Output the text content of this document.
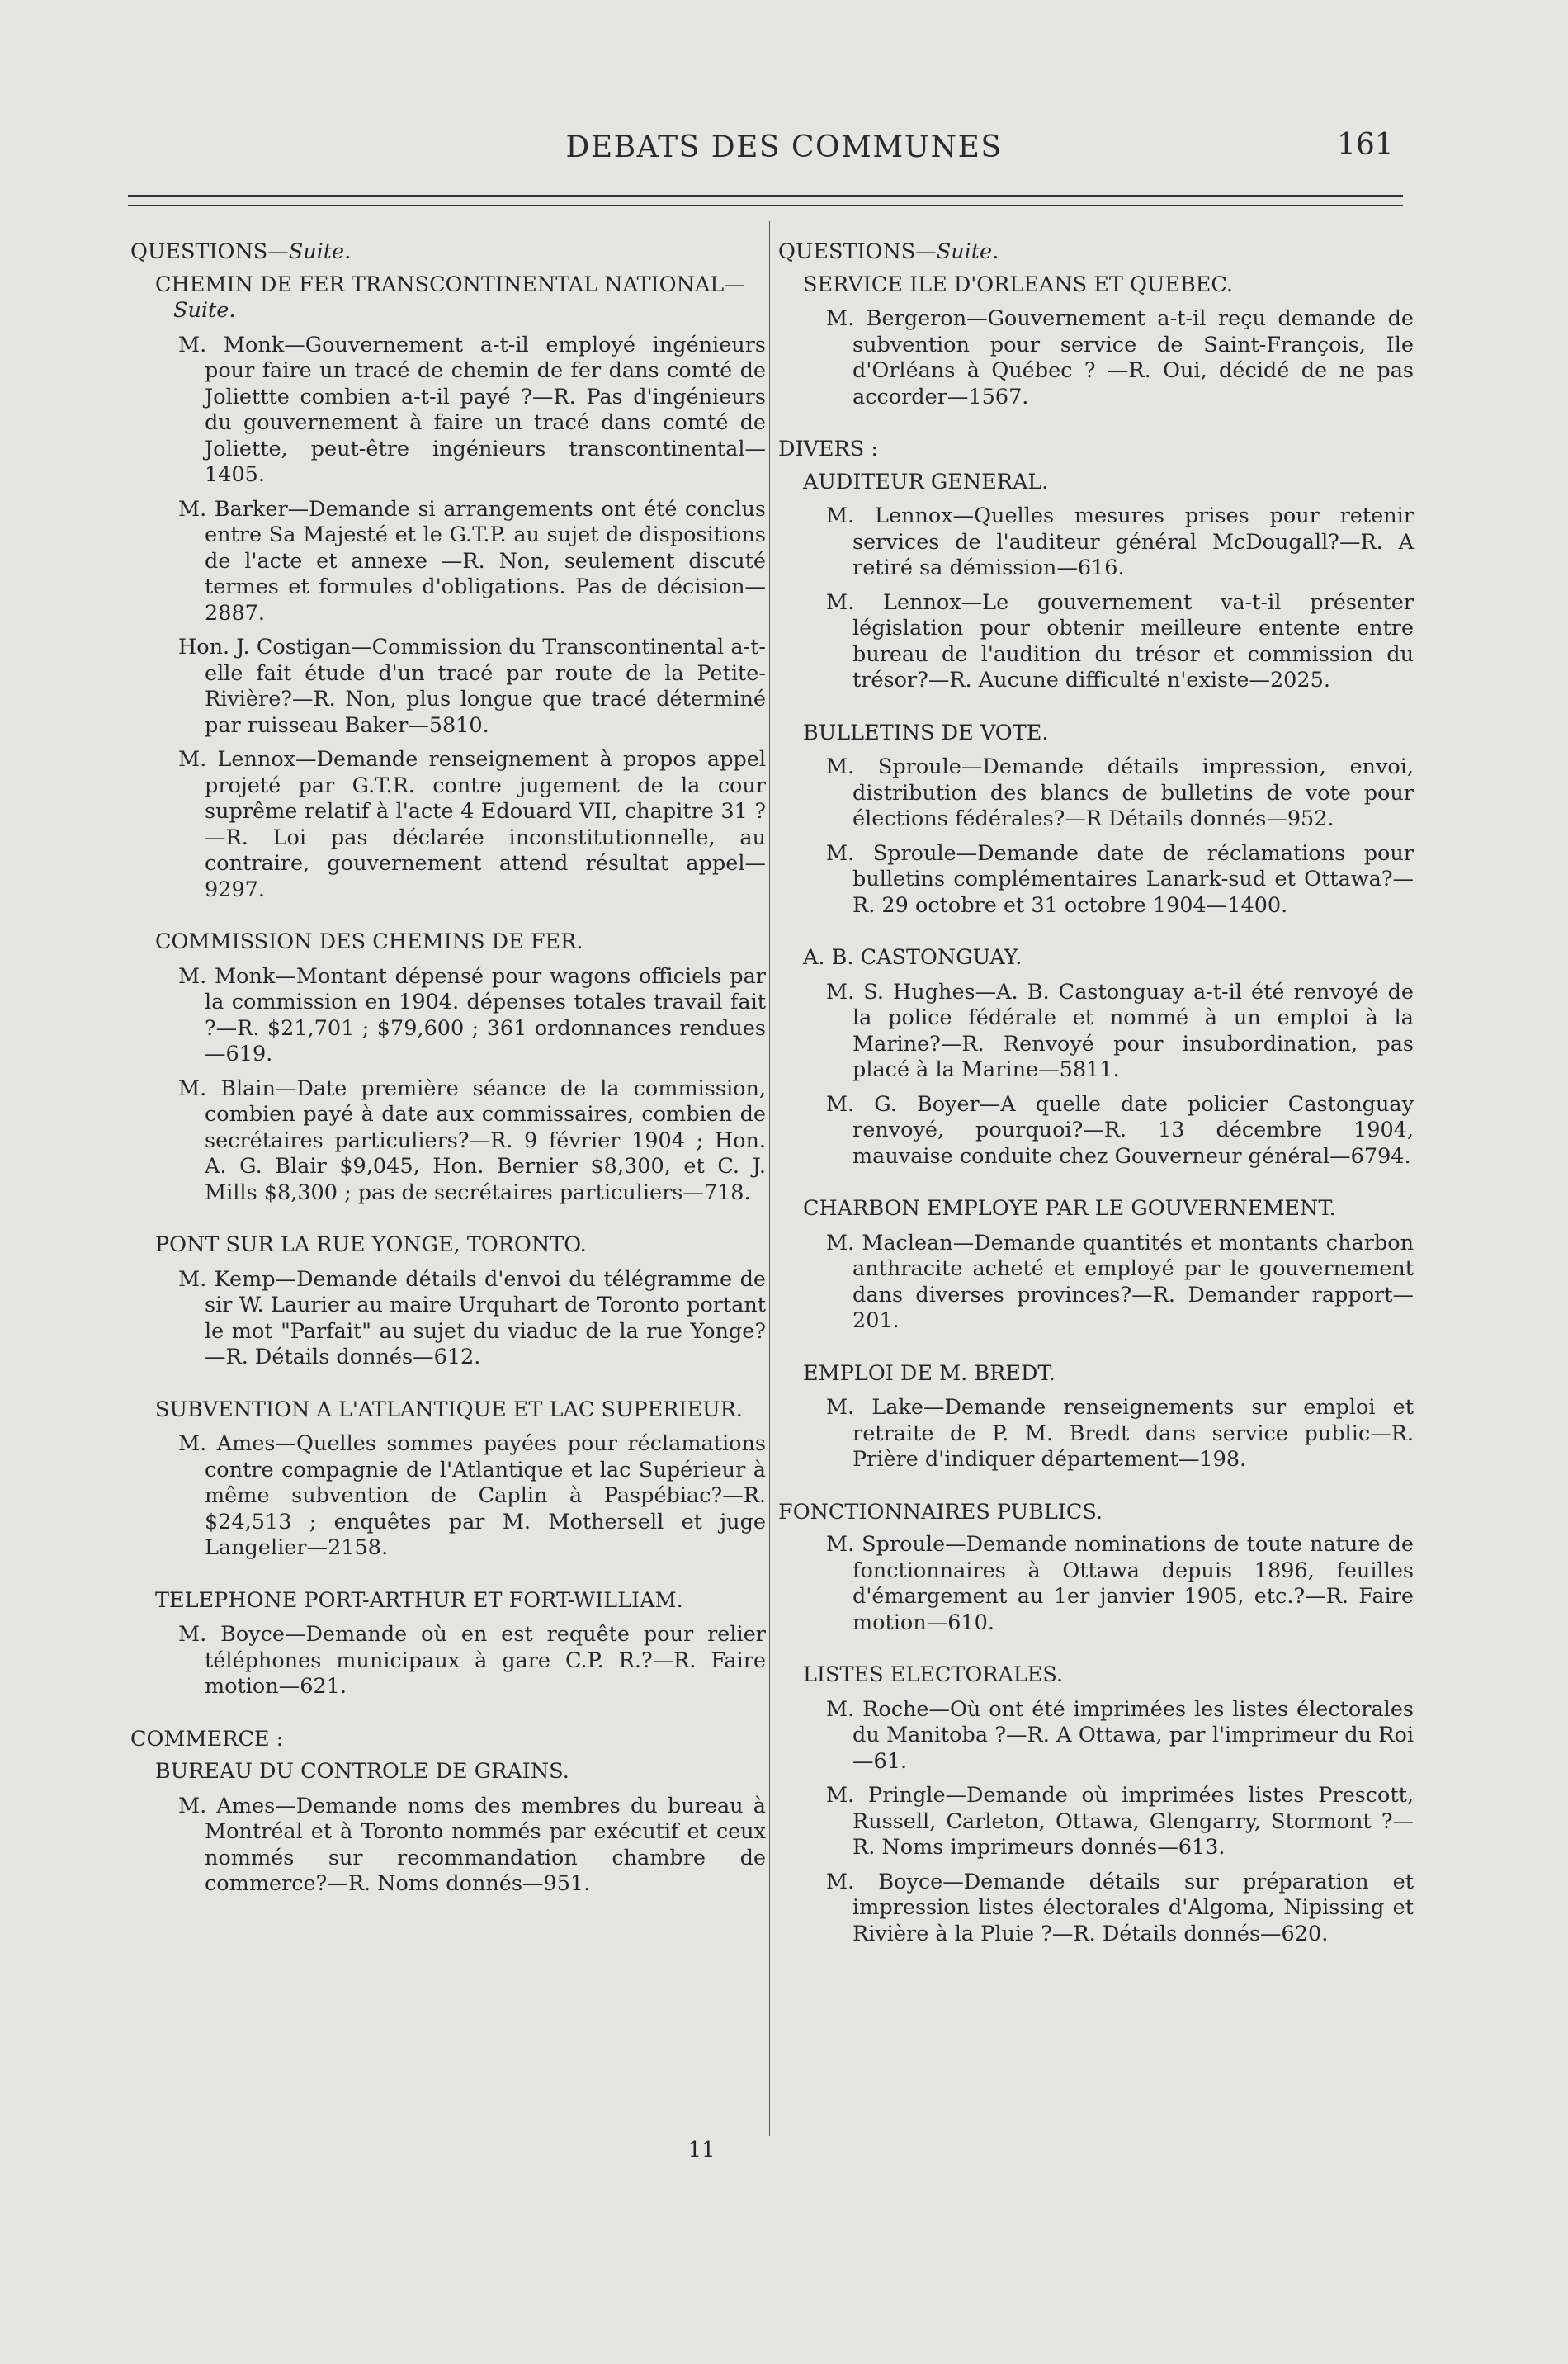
DEBATS DES COMMUNES	161
QUESTIONS—Suite.
CHEMIN DE FER TRANSCONTINENTAL NATIONAL—Suite.
M. Monk—Gouvernement a-t-il employé ingénieurs pour faire un tracé de chemin de fer dans comté de Joliettte combien a-t-il payé ?—R. Pas d'ingénieurs du gouvernement à faire un tracé dans comté de Joliette, peut-être ingénieurs transcontinental—1405.
M. Barker—Demande si arrangements ont été conclus entre Sa Majesté et le G.T.P. au sujet de dispositions de l'acte et annexe —R. Non, seulement discuté termes et formules d'obligations. Pas de décision—2887.
Hon. J. Costigan—Commission du Transcontinental a-t-elle fait étude d'un tracé par route de la Petite-Rivière?—R. Non, plus longue que tracé déterminé par ruisseau Baker—5810.
M. Lennox—Demande renseignement à propos appel projeté par G.T.R. contre jugement de la cour suprême relatif à l'acte 4 Edouard VII, chapitre 31 ?—R. Loi pas déclarée inconstitutionnelle, au contraire, gouvernement attend résultat appel—9297.
COMMISSION DES CHEMINS DE FER.
M. Monk—Montant dépensé pour wagons officiels par la commission en 1904. dépenses totales travail fait ?—R. $21,701 ; $79,600 ; 361 ordonnances rendues—619.
M. Blain—Date première séance de la commission, combien payé à date aux commissaires, combien de secrétaires particuliers?—R. 9 février 1904 ; Hon. A. G. Blair $9,045, Hon. Bernier $8,300, et C. J. Mills $8,300 ; pas de secrétaires particuliers—718.
PONT SUR LA RUE YONGE, TORONTO.
M. Kemp—Demande détails d'envoi du télégramme de sir W. Laurier au maire Urquhart de Toronto portant le mot "Parfait" au sujet du viaduc de la rue Yonge? —R. Détails donnés—612.
SUBVENTION A L'ATLANTIQUE ET LAC SUPERIEUR.
M. Ames—Quelles sommes payées pour réclamations contre compagnie de l'Atlantique et lac Supérieur à même subvention de Caplin à Paspébiac?—R. $24,513 ; enquêtes par M. Mothersell et juge Langelier—2158.
TELEPHONE PORT-ARTHUR ET FORT-WILLIAM.
M. Boyce—Demande où en est requête pour relier téléphones municipaux à gare C.P. R.?—R. Faire motion—621.
COMMERCE :
BUREAU DU CONTROLE DE GRAINS.
M. Ames—Demande noms des membres du bureau à Montréal et à Toronto nommés par exécutif et ceux nommés sur recommandation chambre de commerce?—R. Noms donnés—951.
QUESTIONS—Suite.
SERVICE ILE D'ORLEANS ET QUEBEC.
M. Bergeron—Gouvernement a-t-il reçu demande de subvention pour service de Saint-François, Ile d'Orléans à Québec ? —R. Oui, décidé de ne pas accorder—1567.
DIVERS :
AUDITEUR GENERAL.
M. Lennox—Quelles mesures prises pour retenir services de l'auditeur général McDougall?—R. A retiré sa démission—616.
M. Lennox—Le gouvernement va-t-il présenter législation pour obtenir meilleure entente entre bureau de l'audition du trésor et commission du trésor?—R. Aucune difficulté n'existe—2025.
BULLETINS DE VOTE.
M. Sproule—Demande détails impression, envoi, distribution des blancs de bulletins de vote pour élections fédérales?—R Détails donnés—952.
M. Sproule—Demande date de réclamations pour bulletins complémentaires Lanark-sud et Ottawa?—R. 29 octobre et 31 octobre 1904—1400.
A. B. CASTONGUAY.
M. S. Hughes—A. B. Castonguay a-t-il été renvoyé de la police fédérale et nommé à un emploi à la Marine?—R. Renvoyé pour insubordination, pas placé à la Marine—5811.
M. G. Boyer—A quelle date policier Castonguay renvoyé, pourquoi?—R. 13 décembre 1904, mauvaise conduite chez Gouverneur général—6794.
CHARBON EMPLOYE PAR LE GOUVERNEMENT.
M. Maclean—Demande quantités et montants charbon anthracite acheté et employé par le gouvernement dans diverses provinces?—R. Demander rapport—201.
EMPLOI DE M. BREDT.
M. Lake—Demande renseignements sur emploi et retraite de P. M. Bredt dans service public—R. Prière d'indiquer département—198.
FONCTIONNAIRES PUBLICS.
M. Sproule—Demande nominations de toute nature de fonctionnaires à Ottawa depuis 1896, feuilles d'émargement au 1er janvier 1905, etc.?—R. Faire motion—610.
LISTES ELECTORALES.
M. Roche—Où ont été imprimées les listes électorales du Manitoba ?—R. A Ottawa, par l'imprimeur du Roi—61.
M. Pringle—Demande où imprimées listes Prescott, Russell, Carleton, Ottawa, Glengarry, Stormont ?—R. Noms imprimeurs donnés—613.
M. Boyce—Demande détails sur préparation et impression listes électorales d'Algoma, Nipissing et Rivière à la Pluie ?—R. Détails donnés—620.
11
